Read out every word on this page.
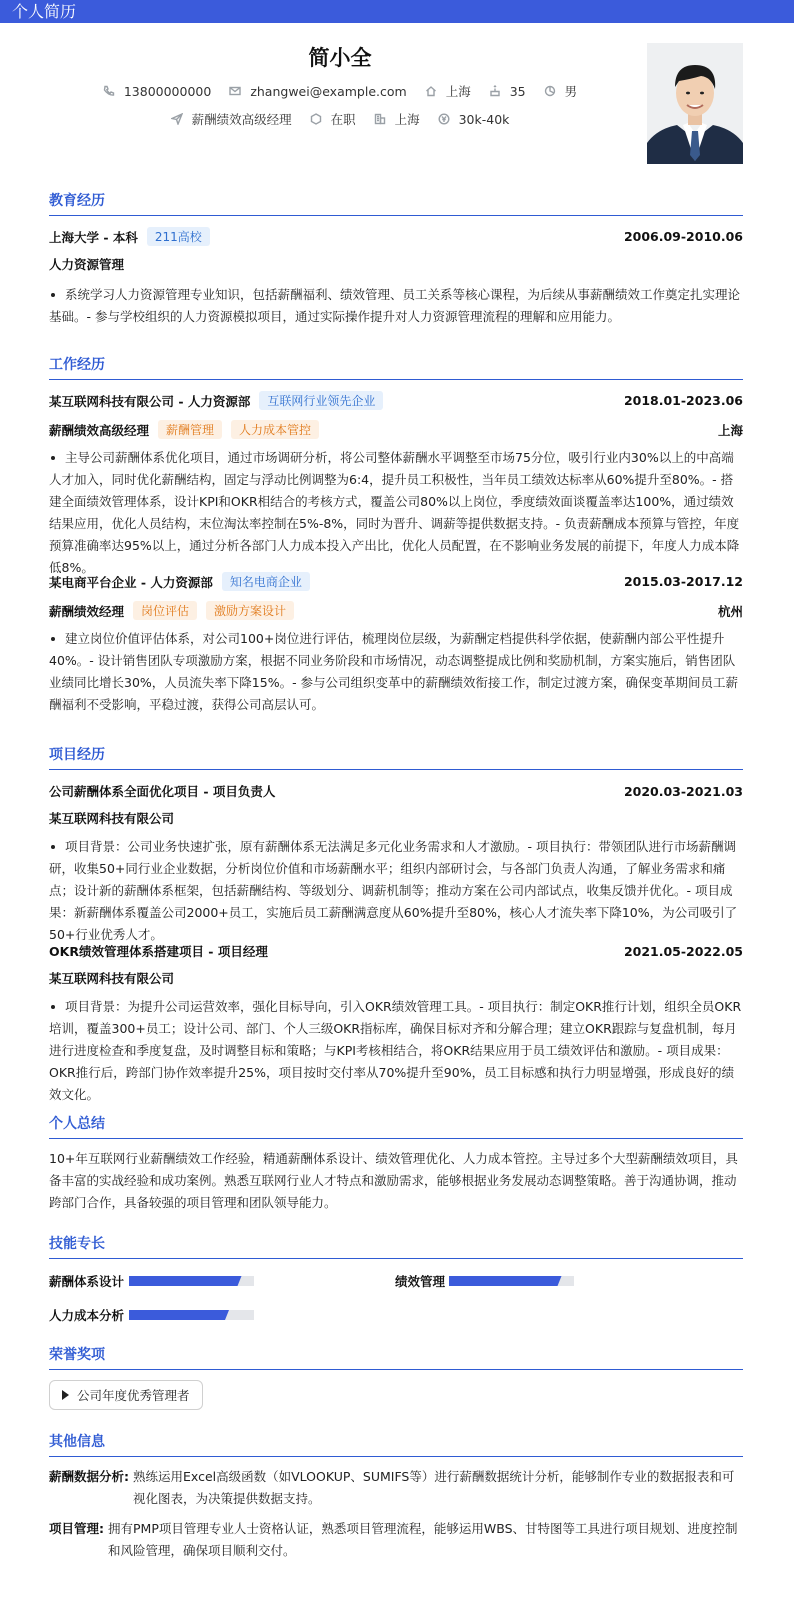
个人简历
简小全
13800000000	zhangwei@example.com	上海	35	男
薪酬绩效高级经理	在职	上海	30k-40k
教育经历
上海大学 - 本科	211高校	2006.09-2010.06
人力资源管理
系统学习人力资源管理专业知识，包括薪酬福利、绩效管理、员工关系等核心课程，为后续从事薪酬绩效工作奠定扎实理论基础。- 参与学校组织的人力资源模拟项目，通过实际操作提升对人力资源管理流程的理解和应用能力。
工作经历
某互联网科技有限公司 - 人力资源部	互联网行业领先企业	2018.01-2023.06
薪酬绩效高级经理	薪酬管理	人力成本管控	上海
主导公司薪酬体系优化项目，通过市场调研分析，将公司整体薪酬水平调整至市场75分位，吸引行业内30%以上的中高端人才加入，同时优化薪酬结构，固定与浮动比例调整为6:4，提升员工积极性，当年员工绩效达标率从60%提升至80%。- 搭建全面绩效管理体系，设计KPI和OKR相结合的考核方式，覆盖公司80%以上岗位，季度绩效面谈覆盖率达100%，通过绩效结果应用，优化人员结构，末位淘汰率控制在5%-8%，同时为晋升、调薪等提供数据支持。- 负责薪酬成本预算与管控，年度预算准确率达95%以上，通过分析各部门人力成本投入产出比，优化人员配置，在不影响业务发展的前提下，年度人力成本降低8%。
某电商平台企业 - 人力资源部	知名电商企业	2015.03-2017.12
薪酬绩效经理	岗位评估	激励方案设计	杭州
建立岗位价值评估体系，对公司100+岗位进行评估，梳理岗位层级，为薪酬定档提供科学依据，使薪酬内部公平性提升40%。- 设计销售团队专项激励方案，根据不同业务阶段和市场情况，动态调整提成比例和奖励机制，方案实施后，销售团队业绩同比增长30%，人员流失率下降15%。- 参与公司组织变革中的薪酬绩效衔接工作，制定过渡方案，确保变革期间员工薪酬福利不受影响，平稳过渡，获得公司高层认可。
项目经历
公司薪酬体系全面优化项目 - 项目负责人	2020.03-2021.03
某互联网科技有限公司
项目背景：公司业务快速扩张，原有薪酬体系无法满足多元化业务需求和人才激励。- 项目执行：带领团队进行市场薪酬调研，收集50+同行业企业数据，分析岗位价值和市场薪酬水平；组织内部研讨会，与各部门负责人沟通，了解业务需求和痛点；设计新的薪酬体系框架，包括薪酬结构、等级划分、调薪机制等；推动方案在公司内部试点，收集反馈并优化。- 项目成果：新薪酬体系覆盖公司2000+员工，实施后员工薪酬满意度从60%提升至80%，核心人才流失率下降10%，为公司吸引了50+行业优秀人才。
OKR绩效管理体系搭建项目 - 项目经理	2021.05-2022.05
某互联网科技有限公司
项目背景：为提升公司运营效率，强化目标导向，引入OKR绩效管理工具。- 项目执行：制定OKR推行计划，组织全员OKR培训，覆盖300+员工；设计公司、部门、个人三级OKR指标库，确保目标对齐和分解合理；建立OKR跟踪与复盘机制，每月进行进度检查和季度复盘，及时调整目标和策略；与KPI考核相结合，将OKR结果应用于员工绩效评估和激励。- 项目成果：OKR推行后，跨部门协作效率提升25%，项目按时交付率从70%提升至90%，员工目标感和执行力明显增强，形成良好的绩效文化。
个人总结
10+年互联网行业薪酬绩效工作经验，精通薪酬体系设计、绩效管理优化、人力成本管控。主导过多个大型薪酬绩效项目，具备丰富的实战经验和成功案例。熟悉互联网行业人才特点和激励需求，能够根据业务发展动态调整策略。善于沟通协调，推动跨部门合作，具备较强的项目管理和团队领导能力。
技能专长
薪酬体系设计	绩效管理
人力成本分析
荣誉奖项
公司年度优秀管理者
其他信息
薪酬数据分析: 熟练运用Excel高级函数（如VLOOKUP、SUMIFS等）进行薪酬数据统计分析，能够制作专业的数据报表和可视化图表，为决策提供数据支持。
项目管理: 拥有PMP项目管理专业人士资格认证，熟悉项目管理流程，能够运用WBS、甘特图等工具进行项目规划、进度控制和风险管理，确保项目顺利交付。
